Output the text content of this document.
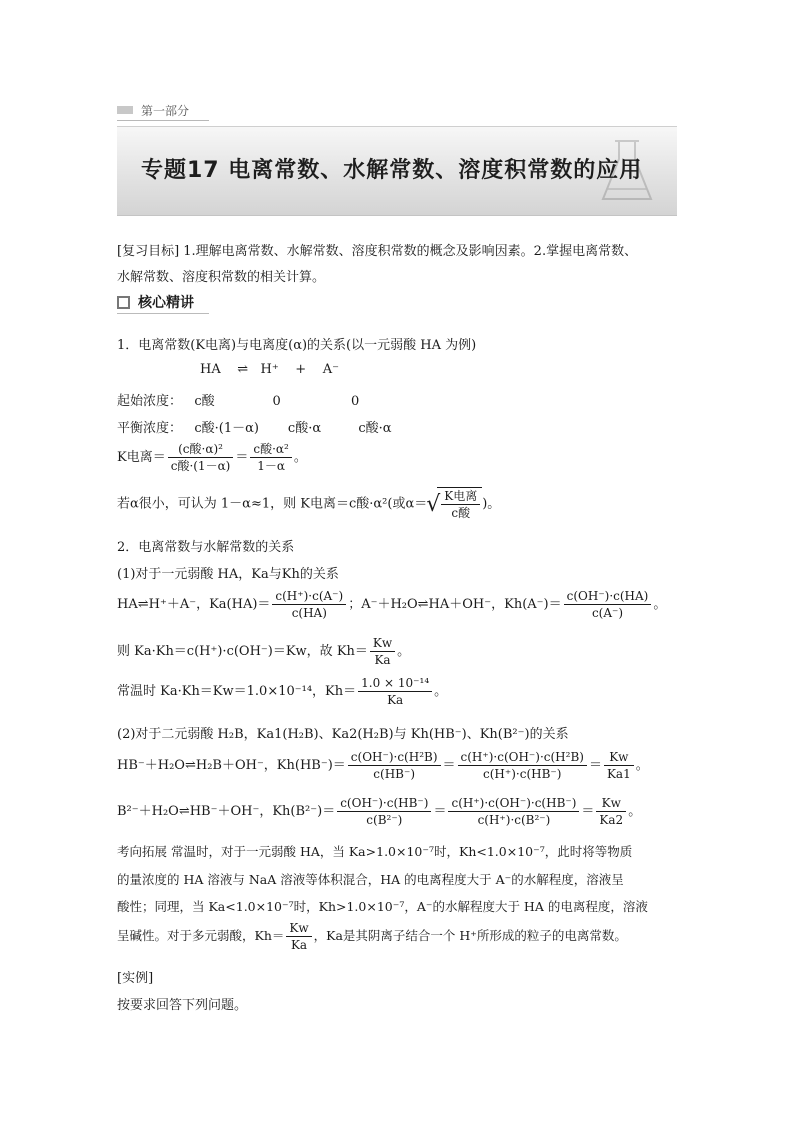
第一部分
专题17 电离常数、水解常数、溶度积常数的应用
[复习目标] 1.理解电离常数、水解常数、溶度积常数的概念及影响因素。2.掌握电离常数、
水解常数、溶度积常数的相关计算。
核心精讲
1．电离常数(K电离)与电离度(α)的关系(以一元弱酸 HA 为例)
HA    ⇌   H⁺    +    A⁻
起始浓度：   c酸              0                 0
平衡浓度：   c酸·(1－α)       c酸·α         c酸·α
K电离＝ $\frac{\text{(c酸·α)²}}{\text{c酸·(1－α)}} = \frac{\text{c酸·α²}}{1-\alpha}$ 。
若α很小，可认为 1－α≈1，则 K电离＝c酸·α²(或α＝
√ $\frac{\text{K电离}}{\text{c酸}}$ )。
2．电离常数与水解常数的关系
(1)对于一元弱酸 HA，Ka与Kh的关系
HA⇌H⁺＋A⁻，$Ka(HA)= \frac{c(H^+)\cdot c(A^-)}{c(HA)}$ ；A⁻＋H₂O⇌HA＋OH⁻，$Kh(A^-)= \frac{c(OH^-)\cdot c(HA)}{c(A^-)}$ 。
则 Ka·Kh＝c(H⁺)·c(OH⁻)＝Kw，故 $Kh= \frac{Kw}{Ka}$ 。
常温时 Ka·Kh＝Kw＝1.0×10⁻¹⁴，$Kh= \frac{\text{1.0 × 10⁻¹⁴}}{Ka}$ 。
(2)对于二元弱酸 H₂B，Ka1(H₂B)、Ka2(H₂B)与 Kh(HB⁻)、Kh(B²⁻)的关系
HB⁻＋H₂O⇌H₂B＋OH⁻，$Kh(HB^-)= \frac{\text{c(OH⁻)·c(H²B)}}{c(HB^-)} = \frac{\text{c(H⁺)·c(OH⁻)·c(H²B)}}{c(H^+)\cdot c(HB^-)} = \frac{Kw}{Ka1}$ 。
B²⁻＋H₂O⇌HB⁻＋OH⁻，$Kh(B^{2-})= \frac{c(OH^-)\cdot c(HB^-)}{\text{c(B²⁻)}} = \frac{c(H^+)\cdot c(OH^-)\cdot c(HB^-)}{\text{c(H⁺)·c(B²⁻)}} = \frac{Kw}{Ka2}$ 。
考向拓展 常温时，对于一元弱酸 HA，当 Ka>1.0×10⁻⁷时，Kh<1.0×10⁻⁷，此时将等物质
的量浓度的 HA 溶液与 NaA 溶液等体积混合，HA 的电离程度大于 A⁻的水解程度，溶液呈
酸性；同理，当 Ka<1.0×10⁻⁷时，Kh>1.0×10⁻⁷，A⁻的水解程度大于 HA 的电离程度，溶液
呈碱性。对于多元弱酸，$Kh= \frac{Kw}{Ka}$ ，Ka是其阴离子结合一个 H⁺所形成的粒子的电离常数。
[实例]
按要求回答下列问题。
